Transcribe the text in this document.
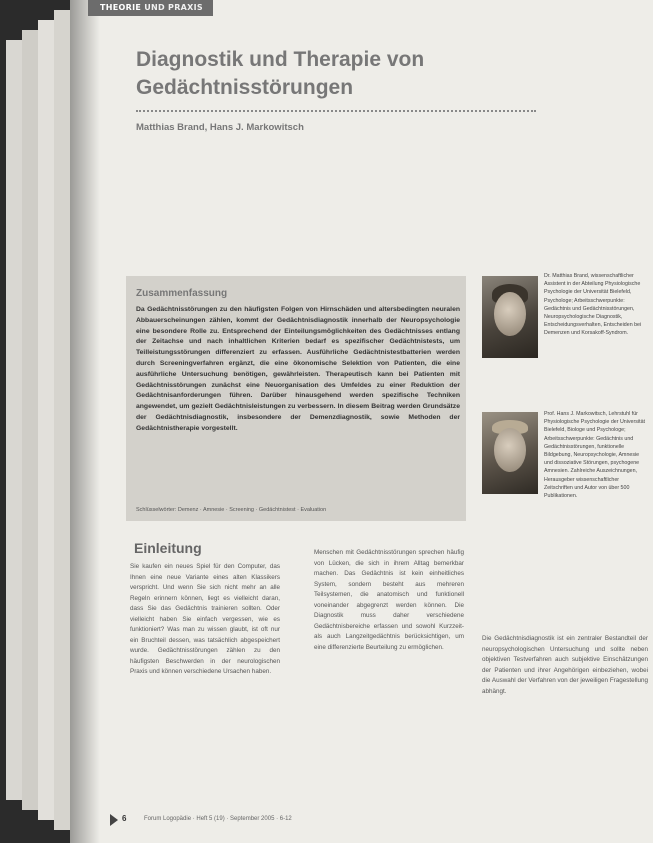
THEORIE UND PRAXIS
Diagnostik und Therapie von Gedächtnisstörungen
Matthias Brand, Hans J. Markowitsch
Zusammenfassung

Da Gedächtnisstörungen zu den häufigsten Folgen von Hirnschäden und altersbedingten neuralen Abbauerscheinungen zählen, kommt der Gedächtnisdiagnostik innerhalb der Neuropsychologie eine besondere Rolle zu. Entsprechend der Einteilungsmöglichkeiten des Gedächtnisses entlang der Zeitachse und nach inhaltlichen Kriterien bedarf es spezifischer Gedächtnistests, um Teilleistungsstörungen differenziert zu erfassen. Ausführliche Gedächtnistestbatterien werden durch Screeningverfahren ergänzt, die eine ökonomische Selektion von Patienten, die eine ausführliche Untersuchung benötigen, gewährleisten. Therapeutisch kann bei Patienten mit Gedächtnisstörungen zunächst eine Neuorganisation des Umfeldes zu einer Reduktion der Gedächtnisanforderungen führen. Darüber hinausgehend werden spezifische Techniken angewendet, um gezielt Gedächtnisleistungen zu verbessern. In diesem Beitrag werden Grundsätze der Gedächtnisdiagnostik, insbesondere der Demenzdiagnostik, sowie Methoden der Gedächtnistherapie vorgestellt.

Schlüsselwörter: Demenz · Amnesie · Screening · Gedächtnistest · Evaluation

Dr. Matthias Brand, wissenschaftlicher Assistent in der Abteilung Physiologische Psychologie der Universität Bielefeld, Psychologe; Arbeitsschwerpunkte: Gedächtnis und Gedächtnisstörungen, Neuropsychologische Diagnostik, Entscheidungsverhalten, Entscheiden bei Demenzen und Korsakoff-Syndrom.

Prof. Hans J. Markowitsch, Lehrstuhl für Physiologische Psychologie der Universität Bielefeld, Biologe und Psychologe; Arbeitsschwerpunkte: Gedächtnis und Gedächtnisstörungen, funktionelle Bildgebung, Neuropsychologie, Amnesie und dissoziative Störungen, psychogene Amnesien. Zahlreiche Auszeichnungen, Herausgeber wissenschaftlicher Zeitschriften und Autor von über 500 Publikationen.

Einleitung

Sie kaufen ein neues Spiel für den Computer, das Ihnen eine neue Variante eines alten Klassikers verspricht. Und wenn Sie sich nicht mehr an alle Regeln erinnern können, liegt es vielleicht daran, dass Sie das Gedächtnis trainieren sollten. Oder vielleicht haben Sie einfach vergessen, wie es funktioniert? Was man zu wissen glaubt, ist oft nur ein Bruchteil dessen, was tatsächlich abgespeichert wurde. Gedächtnisstörungen zählen zu den häufigsten Beschwerden in der neurologischen Praxis und können verschiedene Ursachen haben.

Menschen mit Gedächtnisstörungen sprechen häufig von Lücken, die sich in ihrem Alltag bemerkbar machen. Das Gedächtnis ist kein einheitliches System, sondern besteht aus mehreren Teilsystemen, die anatomisch und funktionell voneinander abgegrenzt werden können. Die Diagnostik muss daher verschiedene Gedächtnisbereiche erfassen und sowohl Kurzzeit- als auch Langzeitgedächtnis berücksichtigen, um eine differenzierte Beurteilung zu ermöglichen.

Die Gedächtnisdiagnostik ist ein zentraler Bestandteil der neuropsychologischen Untersuchung und sollte neben objektiven Testverfahren auch subjektive Einschätzungen der Patienten und ihrer Angehörigen einbeziehen, wobei die Auswahl der Verfahren von der jeweiligen Fragestellung abhängt.

6	Forum Logopädie · Heft 5 (19) · September 2005 · 6-12
